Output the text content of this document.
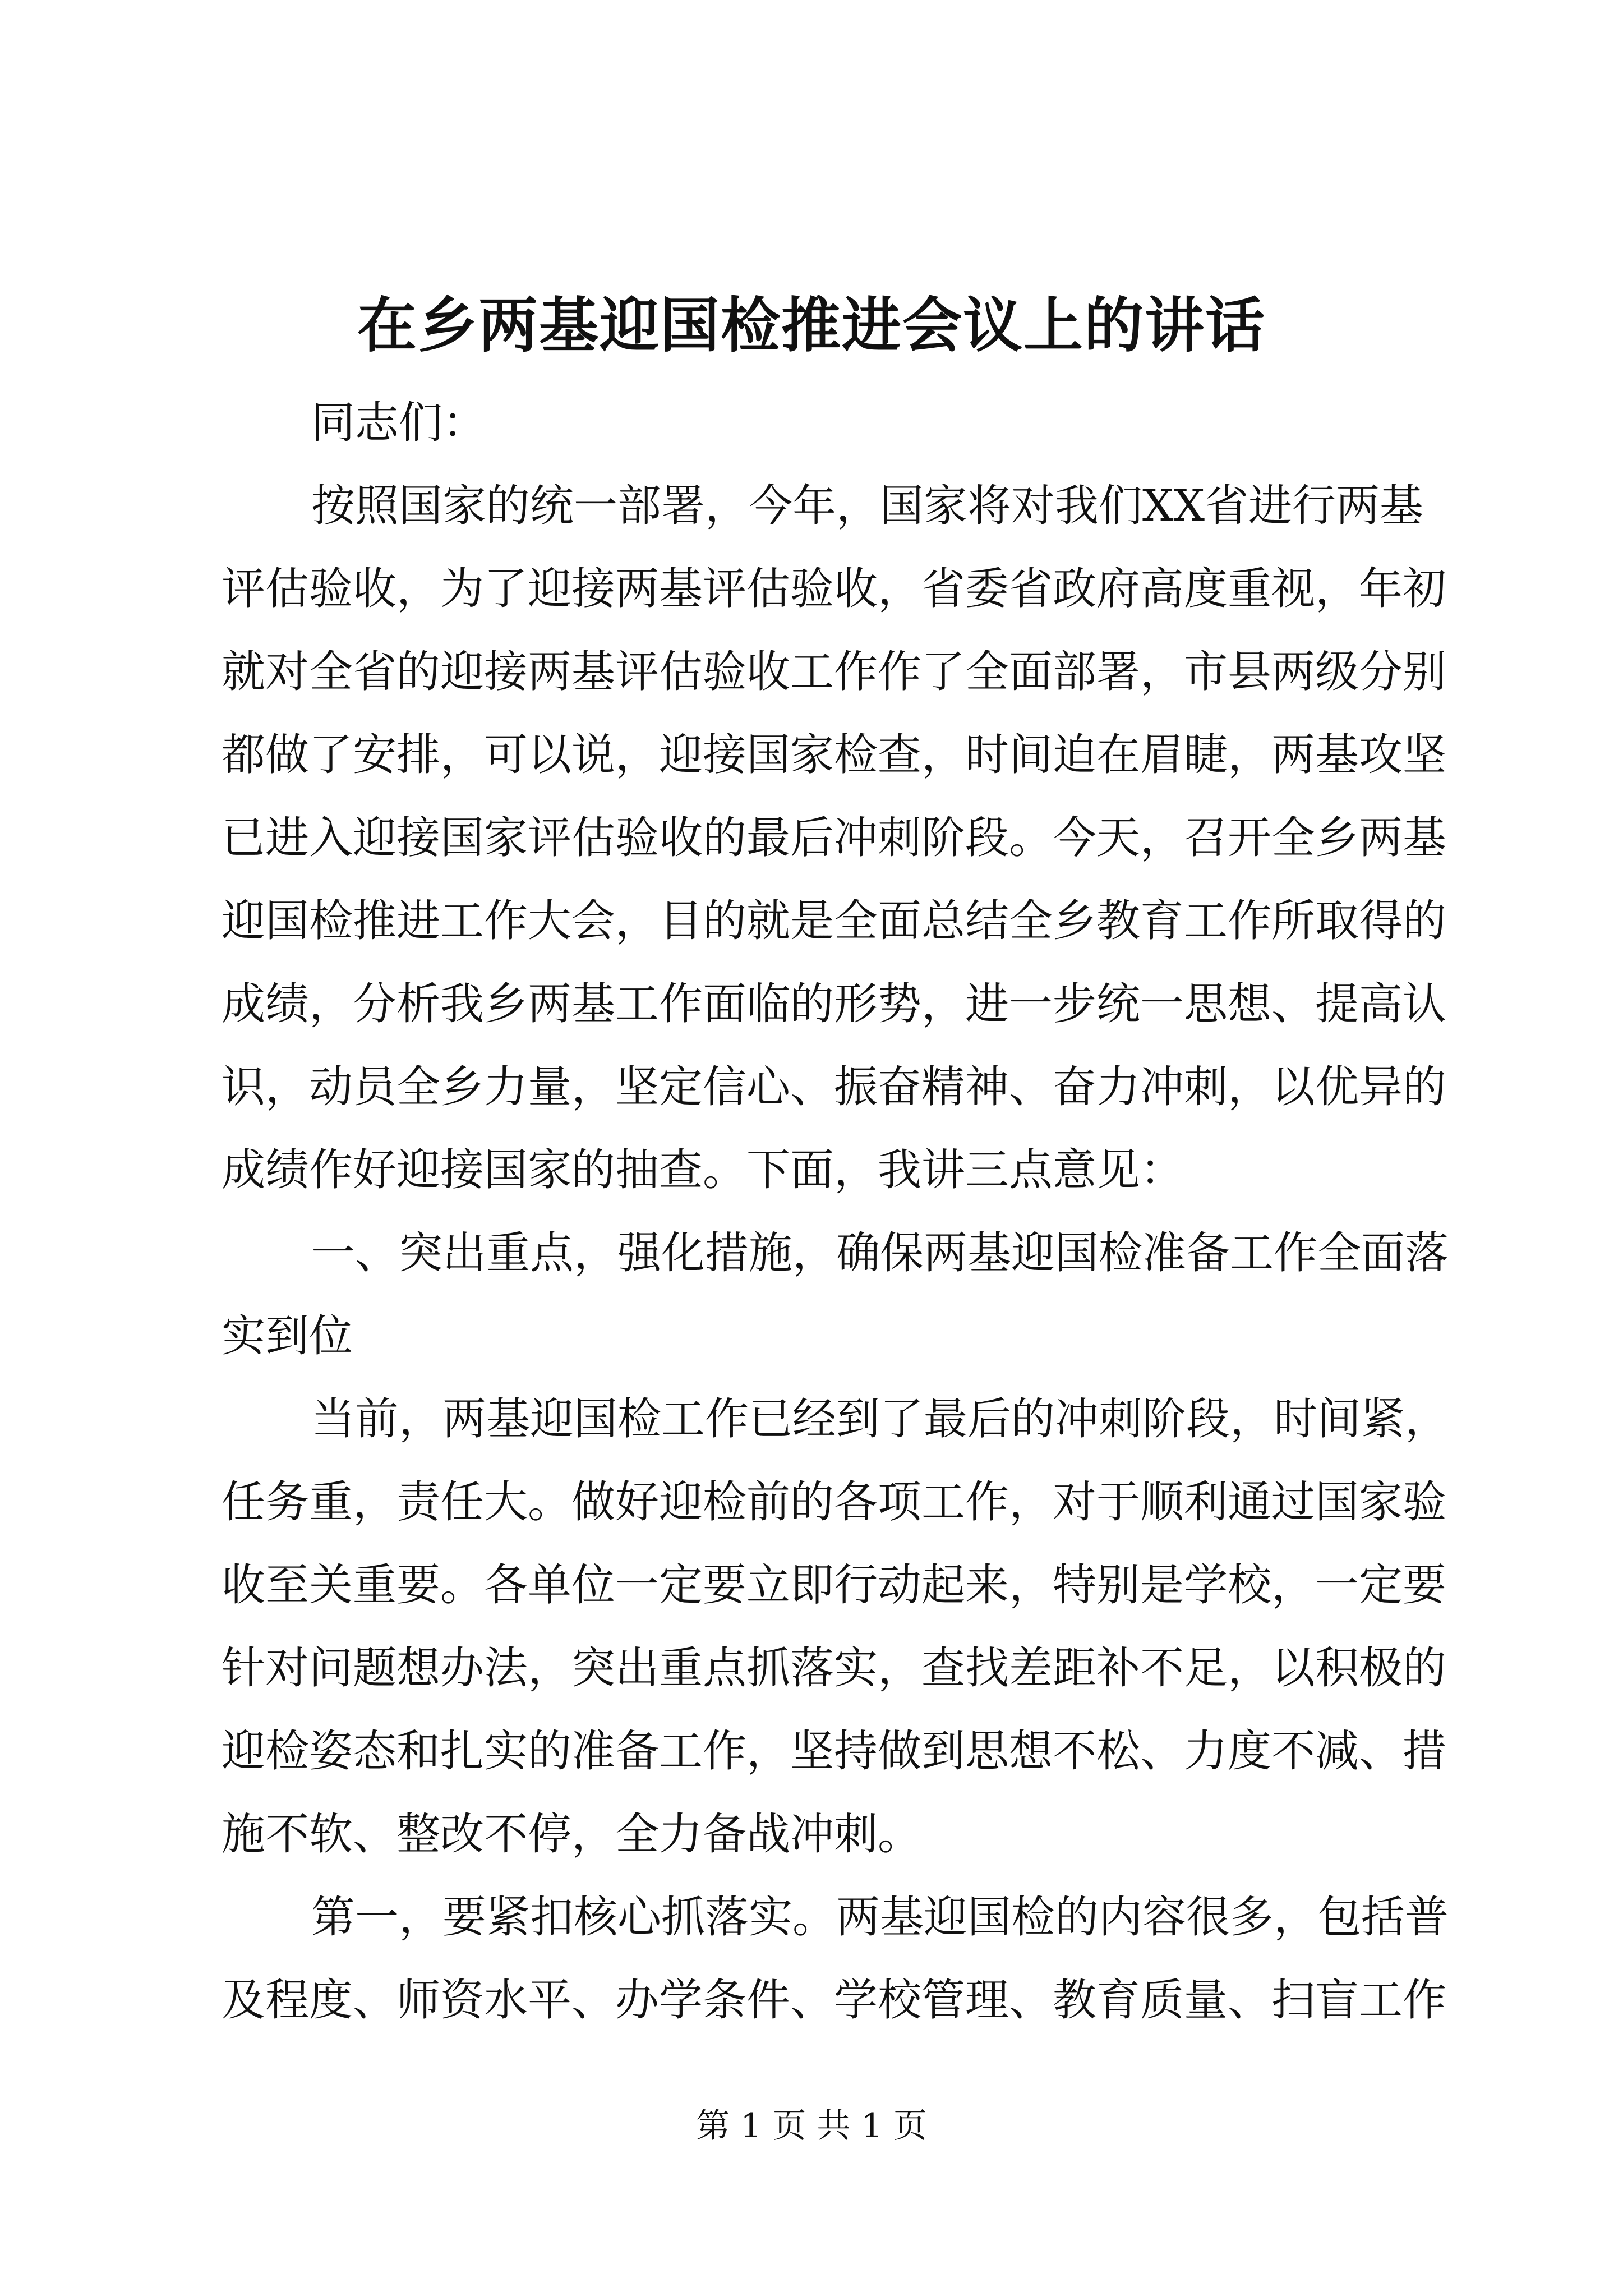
在乡两基迎国检推进会议上的讲话
同志们：
按照国家的统一部署，今年，国家将对我们XX省进行两基
评估验收，为了迎接两基评估验收，省委省政府高度重视，年初
就对全省的迎接两基评估验收工作作了全面部署，市县两级分别
都做了安排，可以说，迎接国家检查，时间迫在眉睫，两基攻坚
已进入迎接国家评估验收的最后冲刺阶段。今天，召开全乡两基
迎国检推进工作大会，目的就是全面总结全乡教育工作所取得的
成绩，分析我乡两基工作面临的形势，进一步统一思想、提高认
识，动员全乡力量，坚定信心、振奋精神、奋力冲刺，以优异的
成绩作好迎接国家的抽查。下面，我讲三点意见：
一、突出重点，强化措施，确保两基迎国检准备工作全面落
实到位
当前，两基迎国检工作已经到了最后的冲刺阶段，时间紧，
任务重，责任大。做好迎检前的各项工作，对于顺利通过国家验
收至关重要。各单位一定要立即行动起来，特别是学校，一定要
针对问题想办法，突出重点抓落实，查找差距补不足，以积极的
迎检姿态和扎实的准备工作，坚持做到思想不松、力度不减、措
施不软、整改不停，全力备战冲刺。
第一，要紧扣核心抓落实。两基迎国检的内容很多，包括普
及程度、师资水平、办学条件、学校管理、教育质量、扫盲工作
第 1 页 共 1 页
